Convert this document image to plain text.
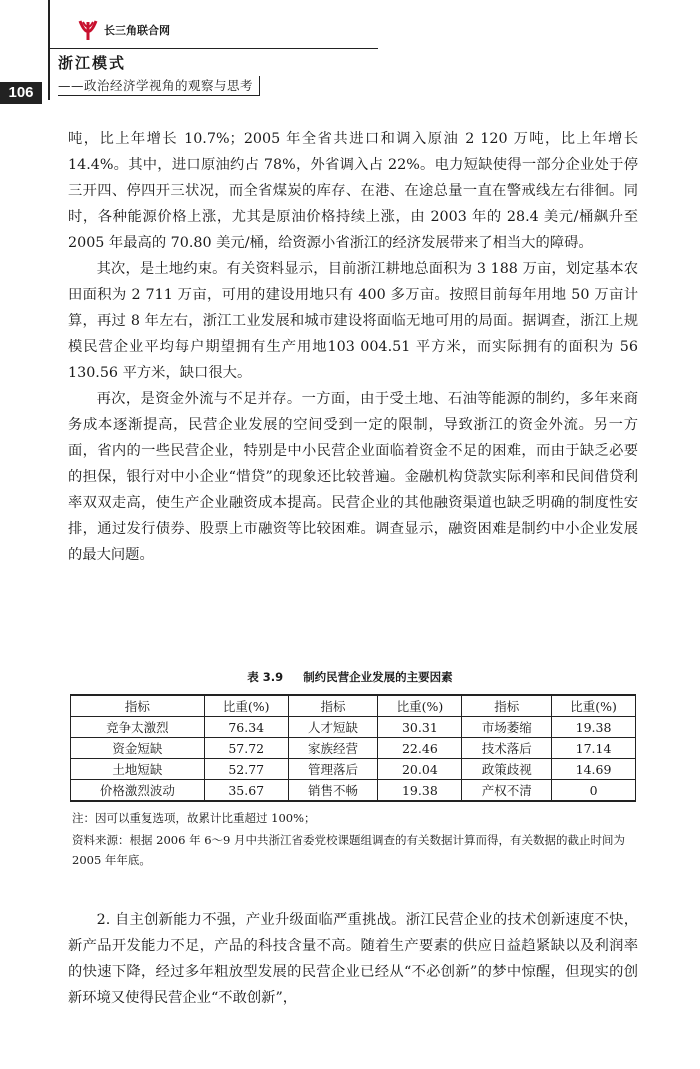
长三角联合网
浙江模式
——政治经济学视角的观察与思考
106

吨，比上年增长 10.7%；2005 年全省共进口和调入原油 2 120 万吨，比上年增长 14.4%。其中，进口原油约占 78%，外省调入占 22%。电力短缺使得一部分企业处于停三开四、停四开三状况，而全省煤炭的库存、在港、在途总量一直在警戒线左右徘徊。同时，各种能源价格上涨，尤其是原油价格持续上涨，由 2003 年的 28.4 美元/桶飙升至 2005 年最高的 70.80 美元/桶，给资源小省浙江的经济发展带来了相当大的障碍。

其次，是土地约束。有关资料显示，目前浙江耕地总面积为 3 188 万亩，划定基本农田面积为 2 711 万亩，可用的建设用地只有 400 多万亩。按照目前每年用地 50 万亩计算，再过 8 年左右，浙江工业发展和城市建设将面临无地可用的局面。据调查，浙江上规模民营企业平均每户期望拥有生产用地103 004.51 平方米，而实际拥有的面积为 56 130.56 平方米，缺口很大。

再次，是资金外流与不足并存。一方面，由于受土地、石油等能源的制约，多年来商务成本逐渐提高，民营企业发展的空间受到一定的限制，导致浙江的资金外流。另一方面，省内的一些民营企业，特别是中小民营企业面临着资金不足的困难，而由于缺乏必要的担保，银行对中小企业“惜贷”的现象还比较普遍。金融机构贷款实际利率和民间借贷利率双双走高，使生产企业融资成本提高。民营企业的其他融资渠道也缺乏明确的制度性安排，通过发行债券、股票上市融资等比较困难。调查显示，融资困难是制约中小企业发展的最大问题。

表 3.9 制约民营企业发展的主要因素
指标	比重(%)	指标	比重(%)	指标	比重(%)
竞争太激烈	76.34	人才短缺	30.31	市场萎缩	19.38
资金短缺	57.72	家族经营	22.46	技术落后	17.14
土地短缺	52.77	管理落后	20.04	政策歧视	14.69
价格激烈波动	35.67	销售不畅	19.38	产权不清	0
注：因可以重复选项，故累计比重超过 100%；
资料来源：根据 2006 年 6～9 月中共浙江省委党校课题组调查的有关数据计算而得，有关数据的截止时间为 2005 年年底。

2. 自主创新能力不强，产业升级面临严重挑战。浙江民营企业的技术创新速度不快，新产品开发能力不足，产品的科技含量不高。随着生产要素的供应日益趋紧缺以及利润率的快速下降，经过多年粗放型发展的民营企业已经从“不必创新”的梦中惊醒，但现实的创新环境又使得民营企业“不敢创新”，
